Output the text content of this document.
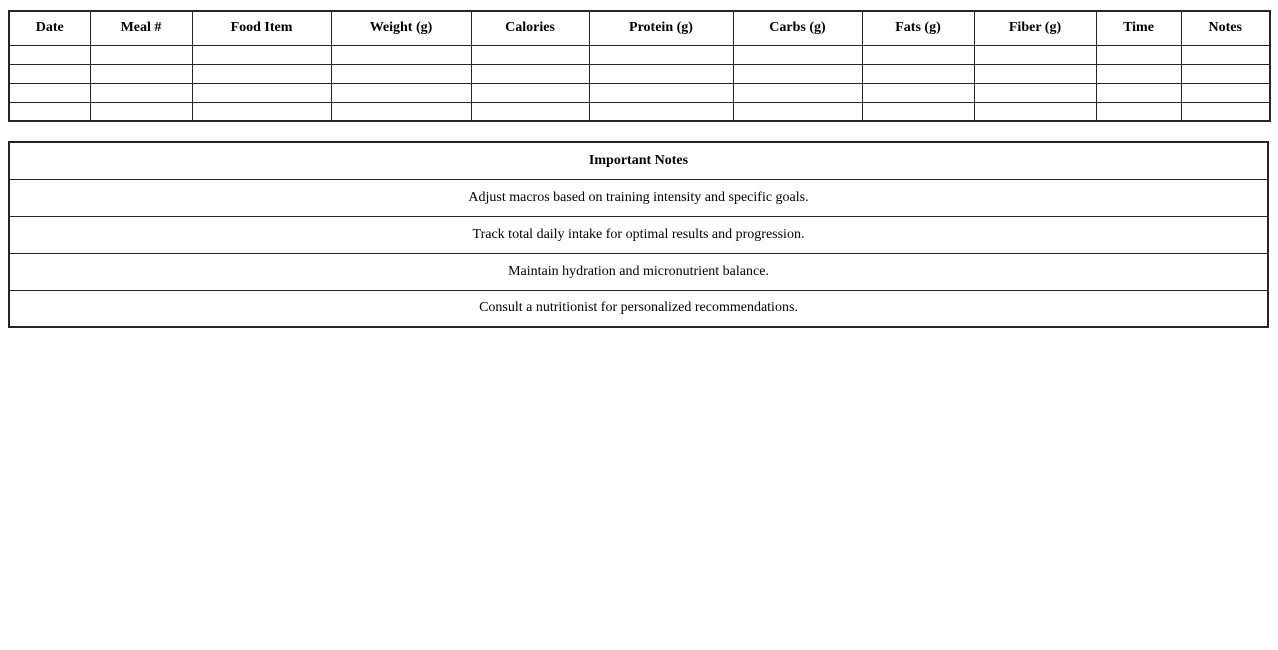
Date	Meal #	Food Item	Weight (g)	Calories	Protein (g)	Carbs (g)	Fats (g)	Fiber (g)	Time	Notes

Important Notes
Adjust macros based on training intensity and specific goals.
Track total daily intake for optimal results and progression.
Maintain hydration and micronutrient balance.
Consult a nutritionist for personalized recommendations.
